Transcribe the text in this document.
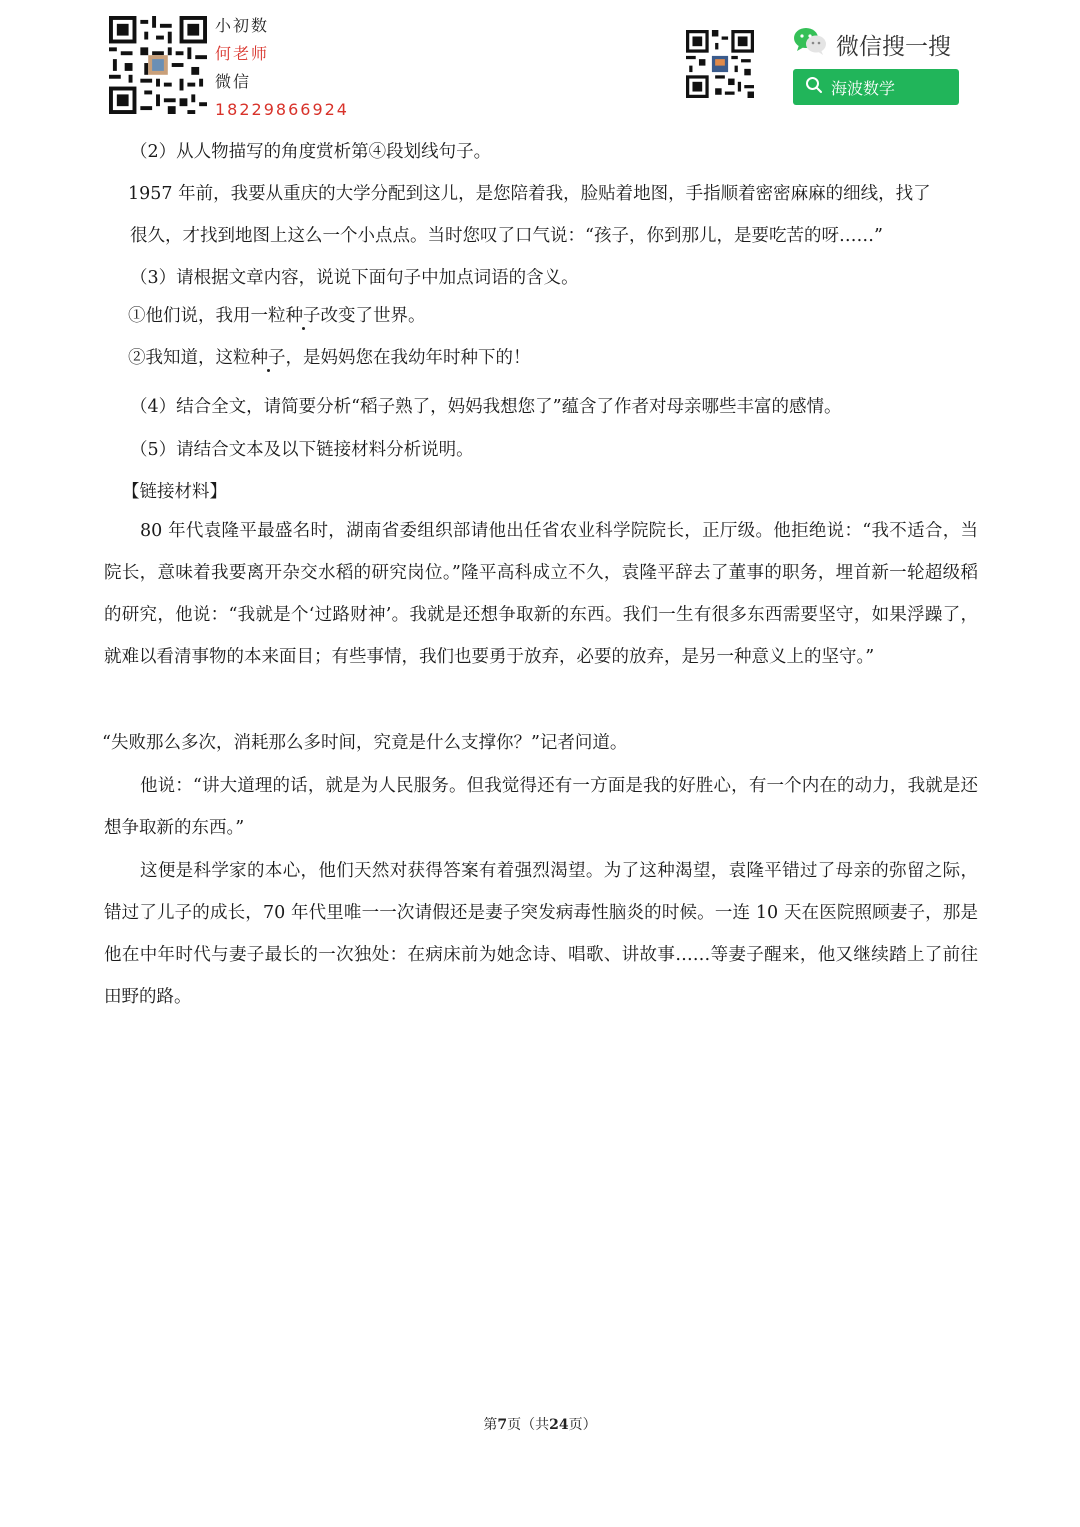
小初数
何老师
微信
18229866924
微信搜一搜
海波数学

（2）从人物描写的角度赏析第④段划线句子。

1957 年前，我要从重庆的大学分配到这儿，是您陪着我，脸贴着地图，手指顺着密密麻麻的细线，找了

很久，才找到地图上这么一个小点点。当时您叹了口气说：“孩子，你到那儿，是要吃苦的呀……”

（3）请根据文章内容，说说下面句子中加点词语的含义。

①他们说，我用一粒种子改变了世界。

②我知道，这粒种子，是妈妈您在我幼年时种下的！

（4）结合全文，请简要分析“稻子熟了，妈妈我想您了”蕴含了作者对母亲哪些丰富的感情。

（5）请结合文本及以下链接材料分析说明。

【链接材料】

80 年代袁隆平最盛名时，湖南省委组织部请他出任省农业科学院院长，正厅级。他拒绝说：“我不适合，当院长，意味着我要离开杂交水稻的研究岗位。”隆平高科成立不久，袁隆平辞去了董事的职务，埋首新一轮超级稻的研究，他说：“我就是个‘过路财神’。我就是还想争取新的东西。我们一生有很多东西需要坚守，如果浮躁了，就难以看清事物的本来面目；有些事情，我们也要勇于放弃，必要的放弃，是另一种意义上的坚守。”

“失败那么多次，消耗那么多时间，究竟是什么支撑你？”记者问道。

他说：“讲大道理的话，就是为人民服务。但我觉得还有一方面是我的好胜心，有一个内在的动力，我就是还想争取新的东西。”

这便是科学家的本心，他们天然对获得答案有着强烈渴望。为了这种渴望，袁隆平错过了母亲的弥留之际，错过了儿子的成长，70 年代里唯一一次请假还是妻子突发病毒性脑炎的时候。一连 10 天在医院照顾妻子，那是他在中年时代与妻子最长的一次独处：在病床前为她念诗、唱歌、讲故事……等妻子醒来，他又继续踏上了前往田野的路。

第7页（共24页）
